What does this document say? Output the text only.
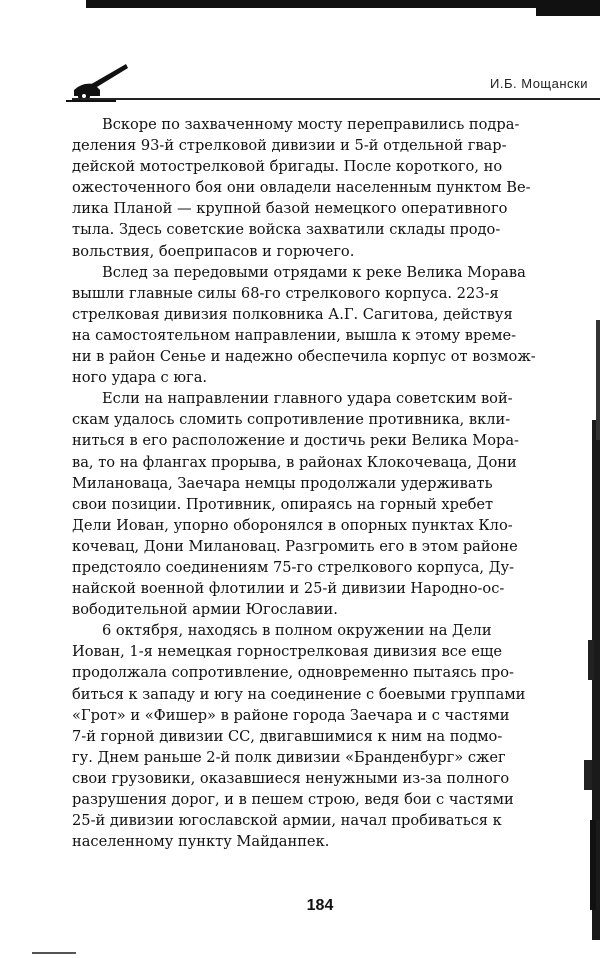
И.Б. Мощански
Вскоре по захваченному мосту переправились подра-
деления 93-й стрелковой дивизии и 5-й отдельной гвар-
дейской мотострелковой бригады. После короткого, но
ожесточенного боя они овладели населенным пунктом Ве-
лика Планой — крупной базой немецкого оперативного
тыла. Здесь советские войска захватили склады продо-
вольствия, боеприпасов и горючего.
Вслед за передовыми отрядами к реке Велика Морава
вышли главные силы 68-го стрелкового корпуса. 223-я
стрелковая дивизия полковника А.Г. Сагитова, действуя
на самостоятельном направлении, вышла к этому време-
ни в район Сенье и надежно обеспечила корпус от возмож-
ного удара с юга.
Если на направлении главного удара советским вой-
скам удалось сломить сопротивление противника, вкли-
ниться в его расположение и достичь реки Велика Мора-
ва, то на флангах прорыва, в районах Клокочеваца, Дони
Милановаца, Заечара немцы продолжали удерживать
свои позиции. Противник, опираясь на горный хребет
Дели Иован, упорно оборонялся в опорных пунктах Кло-
кочевац, Дони Милановац. Разгромить его в этом районе
предстояло соединениям 75-го стрелкового корпуса, Ду-
найской военной флотилии и 25-й дивизии Народно-ос-
вободительной армии Югославии.
6 октября, находясь в полном окружении на Дели
Иован, 1-я немецкая горнострелковая дивизия все еще
продолжала сопротивление, одновременно пытаясь про-
биться к западу и югу на соединение с боевыми группами
«Грот» и «Фишер» в районе города Заечара и с частями
7-й горной дивизии СС, двигавшимися к ним на подмо-
гу. Днем раньше 2-й полк дивизии «Бранденбург» сжег
свои грузовики, оказавшиеся ненужными из-за полного
разрушения дорог, и в пешем строю, ведя бои с частями
25-й дивизии югославской армии, начал пробиваться к
населенному пункту Майданпек.
184
